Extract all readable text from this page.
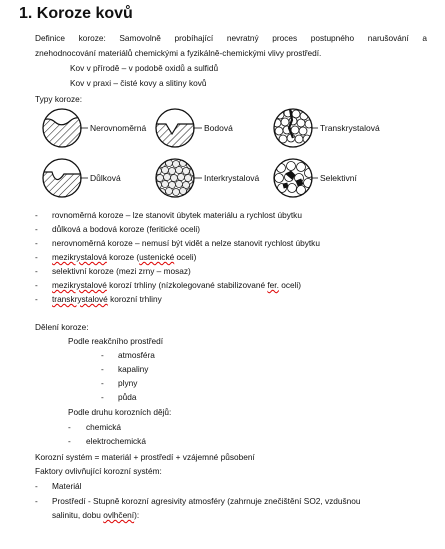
1. Koroze kovů
Definice koroze: Samovolně probíhající nevratný proces postupného narušování a
znehodnocování materiálů chemickými a fyzikálně-chemickými vlivy prostředí.
Kov v přírodě – v podobě oxidů a sulfidů
Kov v praxi – čisté kovy a slitiny kovů
Typy koroze:
Nerovnoměrná	Bodová	Transkrystalová
Důlková	Interkrystalová	Selektivní
- rovnoměrná koroze – lze stanovit úbytek materiálu a rychlost úbytku
- důlková a bodová koroze (feritické oceli)
- nerovnoměrná koroze – nemusí být vidět a nelze stanovit rychlost úbytku
- mezikrystalová koroze (ustenické oceli)
- selektivní koroze (mezi zrny – mosaz)
- mezikrystalové korozí trhliny (nízkolegované stabilizované fer. oceli)
- transkrystalové korozní trhliny
Dělení koroze:
Podle reakčního prostředí
- atmosféra
- kapaliny
- plyny
- půda
Podle druhu korozních dějů:
- chemická
- elektrochemická
Korozní systém = materiál + prostředí + vzájemné působení
Faktory ovlivňující korozní systém:
- Materiál
- Prostředí - Stupně korozní agresivity atmosféry (zahrnuje znečištění SO2, vzdušnou
salinitu, dobu ovlhčení):
